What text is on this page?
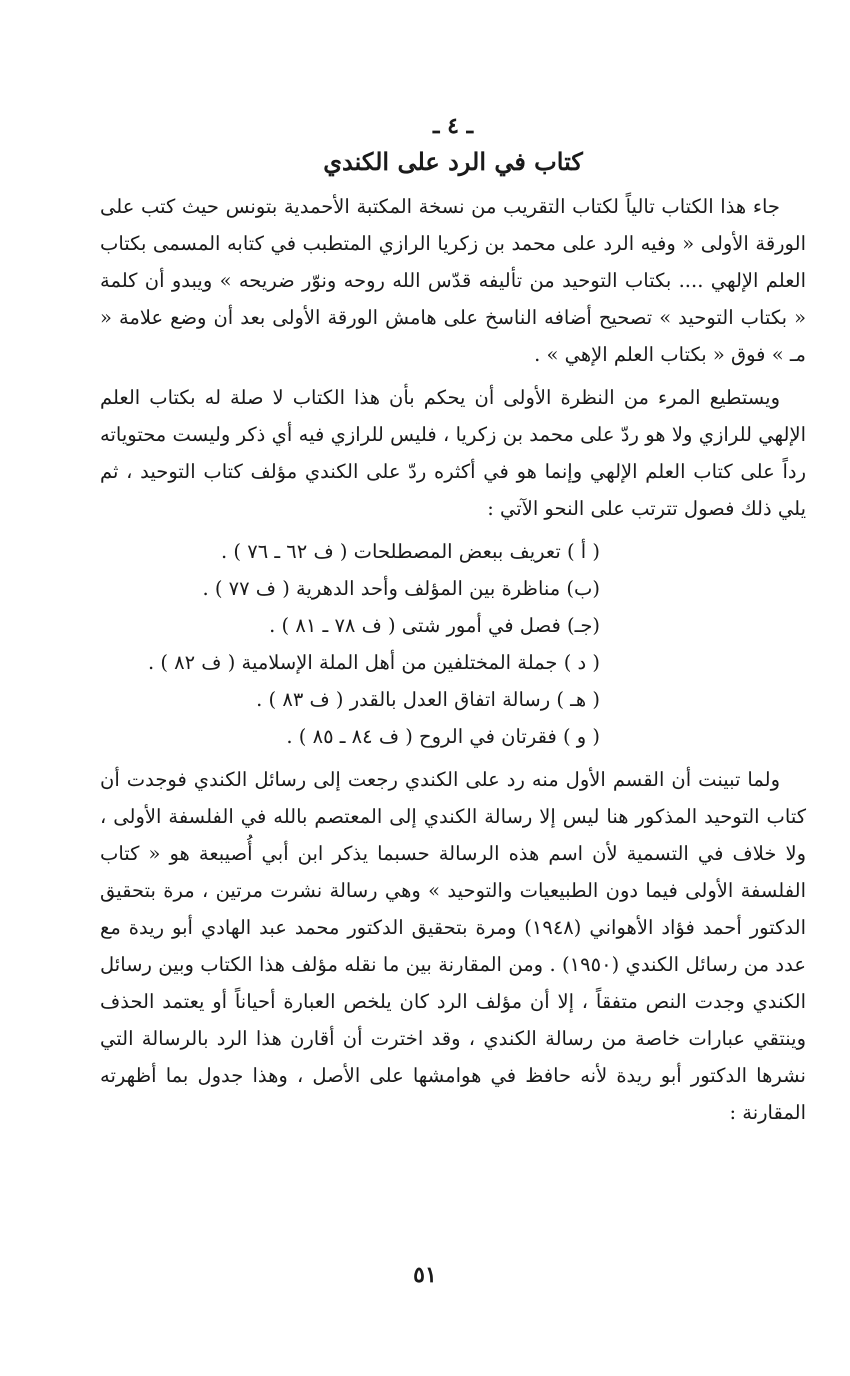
ـ ٤ ـ

كتاب في الرد على الكندي

جاء هذا الكتاب تالياً لكتاب التقريب من نسخة المكتبة الأحمدية بتونس حيث كتب على الورقة الأولى « وفيه الرد على محمد بن زكريا الرازي المتطبب في كتابه المسمى بكتاب العلم الإلهي .... بكتاب التوحيد من تأليفه قدّس الله روحه ونوّر ضريحه » ويبدو أن كلمة « بكتاب التوحيد » تصحيح أضافه الناسخ على هامش الورقة الأولى بعد أن وضع علامة « مـ » فوق « بكتاب العلم الإهي » .

ويستطيع المرء من النظرة الأولى أن يحكم بأن هذا الكتاب لا صلة له بكتاب العلم الإلهي للرازي ولا هو ردّ على محمد بن زكريا ، فليس للرازي فيه أي ذكر وليست محتوياته رداً على كتاب العلم الإلهي وإنما هو في أكثره ردّ على الكندي مؤلف كتاب التوحيد ، ثم يلي ذلك فصول تترتب على النحو الآتي :

( أ ) تعريف ببعض المصطلحات ( ف ٦٢ ـ ٧٦ ) .
(ب) مناظرة بين المؤلف وأحد الدهرية ( ف ٧٧ ) .
(جـ) فصل في أمور شتى ( ف ٧٨ ـ ٨١ ) .
( د ) جملة المختلفين من أهل الملة الإسلامية ( ف ٨٢ ) .
( هـ ) رسالة اتفاق العدل بالقدر ( ف ٨٣ ) .
( و ) فقرتان في الروح ( ف ٨٤ ـ ٨٥ ) .

ولما تبينت أن القسم الأول منه رد على الكندي رجعت إلى رسائل الكندي فوجدت أن كتاب التوحيد المذكور هنا ليس إلا رسالة الكندي إلى المعتصم بالله في الفلسفة الأولى ، ولا خلاف في التسمية لأن اسم هذه الرسالة حسبما يذكر ابن أبي أُصيبعة هو « كتاب الفلسفة الأولى فيما دون الطبيعيات والتوحيد » وهي رسالة نشرت مرتين ، مرة بتحقيق الدكتور أحمد فؤاد الأهواني (١٩٤٨) ومرة بتحقيق الدكتور محمد عبد الهادي أبو ريدة مع عدد من رسائل الكندي (١٩٥٠) . ومن المقارنة بين ما نقله مؤلف هذا الكتاب وبين رسائل الكندي وجدت النص متفقاً ، إلا أن مؤلف الرد كان يلخص العبارة أحياناً أو يعتمد الحذف وينتقي عبارات خاصة من رسالة الكندي ، وقد اخترت أن أقارن هذا الرد بالرسالة التي نشرها الدكتور أبو ريدة لأنه حافظ في هوامشها على الأصل ، وهذا جدول بما أظهرته المقارنة :

٥١
